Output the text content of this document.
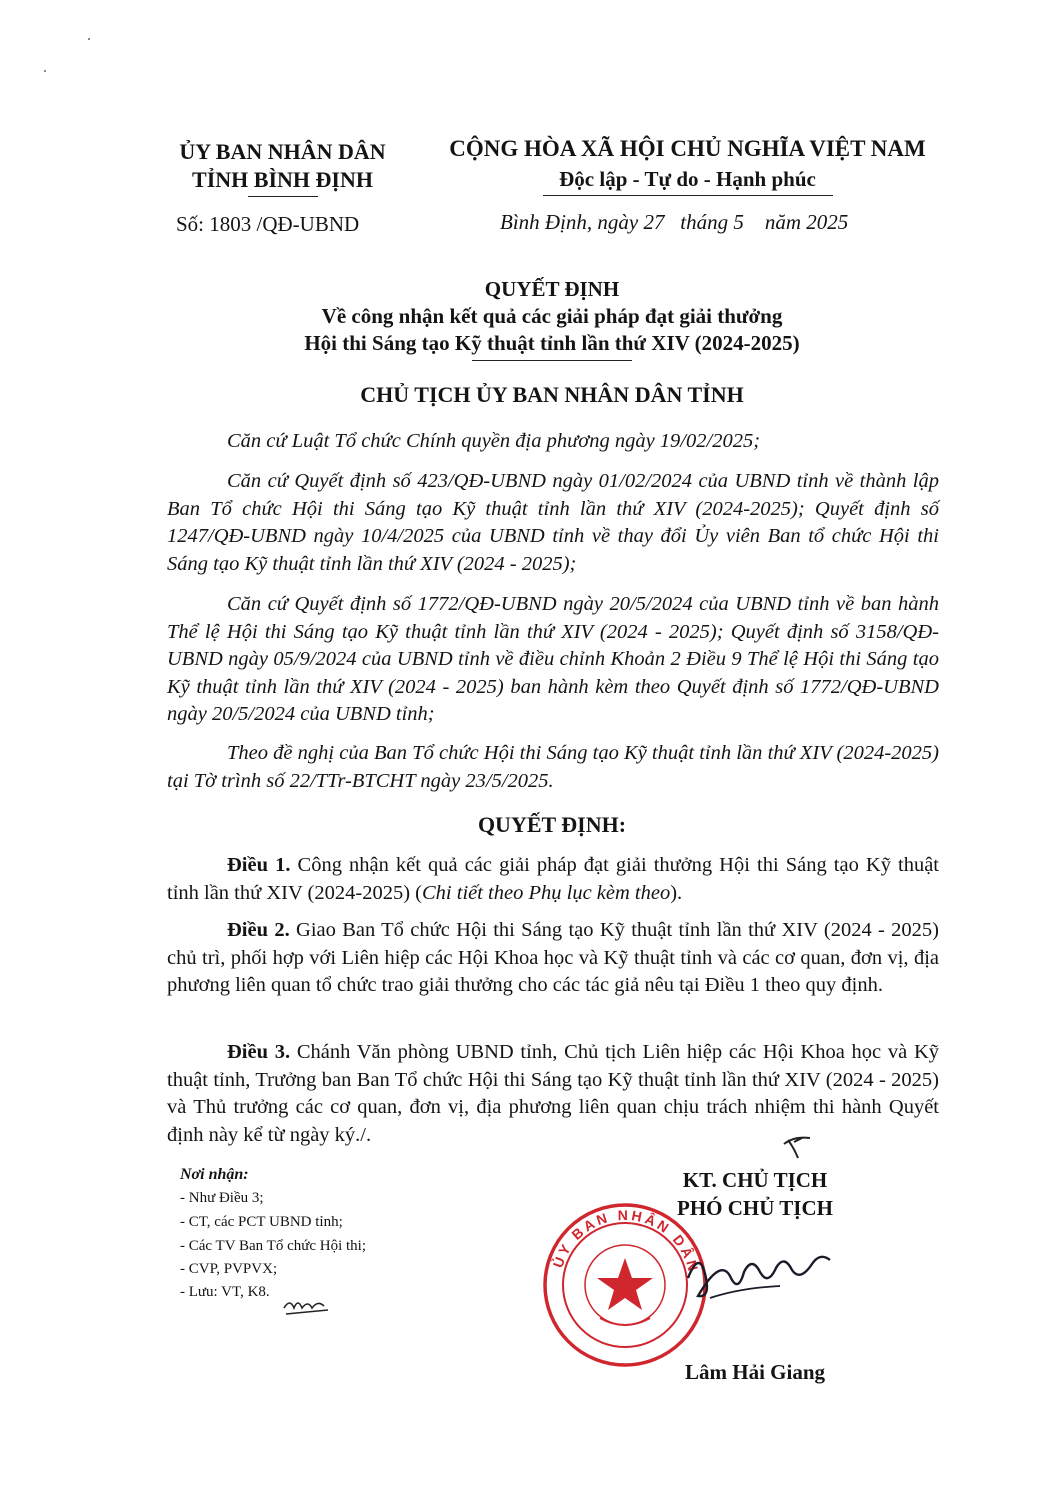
ỦY BAN NHÂN DÂN
TỈNH BÌNH ĐỊNH
CỘNG HÒA XÃ HỘI CHỦ NGHĨA VIỆT NAM
Độc lập - Tự do - Hạnh phúc
Số: 1803 /QĐ-UBND	Bình Định, ngày 27   tháng 5    năm 2025
QUYẾT ĐỊNH
Về công nhận kết quả các giải pháp đạt giải thưởng
Hội thi Sáng tạo Kỹ thuật tỉnh lần thứ XIV (2024-2025)
CHỦ TỊCH ỦY BAN NHÂN DÂN TỈNH
Căn cứ Luật Tổ chức Chính quyền địa phương ngày 19/02/2025;
Căn cứ Quyết định số 423/QĐ-UBND ngày 01/02/2024 của UBND tỉnh về thành lập Ban Tổ chức Hội thi Sáng tạo Kỹ thuật tỉnh lần thứ XIV (2024-2025); Quyết định số 1247/QĐ-UBND ngày 10/4/2025 của UBND tỉnh về thay đổi Ủy viên Ban tổ chức Hội thi Sáng tạo Kỹ thuật tỉnh lần thứ XIV (2024 - 2025);
Căn cứ Quyết định số 1772/QĐ-UBND ngày 20/5/2024 của UBND tỉnh về ban hành Thể lệ Hội thi Sáng tạo Kỹ thuật tỉnh lần thứ XIV (2024 - 2025); Quyết định số 3158/QĐ-UBND ngày 05/9/2024 của UBND tỉnh về điều chỉnh Khoản 2 Điều 9 Thể lệ Hội thi Sáng tạo Kỹ thuật tỉnh lần thứ XIV (2024 - 2025) ban hành kèm theo Quyết định số 1772/QĐ-UBND ngày 20/5/2024 của UBND tỉnh;
Theo đề nghị của Ban Tổ chức Hội thi Sáng tạo Kỹ thuật tỉnh lần thứ XIV (2024-2025) tại Tờ trình số 22/TTr-BTCHT ngày 23/5/2025.
QUYẾT ĐỊNH:
Điều 1. Công nhận kết quả các giải pháp đạt giải thưởng Hội thi Sáng tạo Kỹ thuật tỉnh lần thứ XIV (2024-2025) (Chi tiết theo Phụ lục kèm theo).
Điều 2. Giao Ban Tổ chức Hội thi Sáng tạo Kỹ thuật tỉnh lần thứ XIV (2024 - 2025) chủ trì, phối hợp với Liên hiệp các Hội Khoa học và Kỹ thuật tỉnh và các cơ quan, đơn vị, địa phương liên quan tổ chức trao giải thưởng cho các tác giả nêu tại Điều 1 theo quy định.
Điều 3. Chánh Văn phòng UBND tỉnh, Chủ tịch Liên hiệp các Hội Khoa học và Kỹ thuật tỉnh, Trưởng ban Ban Tổ chức Hội thi Sáng tạo Kỹ thuật tỉnh lần thứ XIV (2024 - 2025) và Thủ trưởng các cơ quan, đơn vị, địa phương liên quan chịu trách nhiệm thi hành Quyết định này kể từ ngày ký./.
Nơi nhận:
- Như Điều 3;
- CT, các PCT UBND tỉnh;
- Các TV Ban Tổ chức Hội thi;
- CVP, PVPVX;
- Lưu: VT, K8.
ỦY BAN NHÂN DÂN
KT. CHỦ TỊCH
PHÓ CHỦ TỊCH
Lâm Hải Giang
